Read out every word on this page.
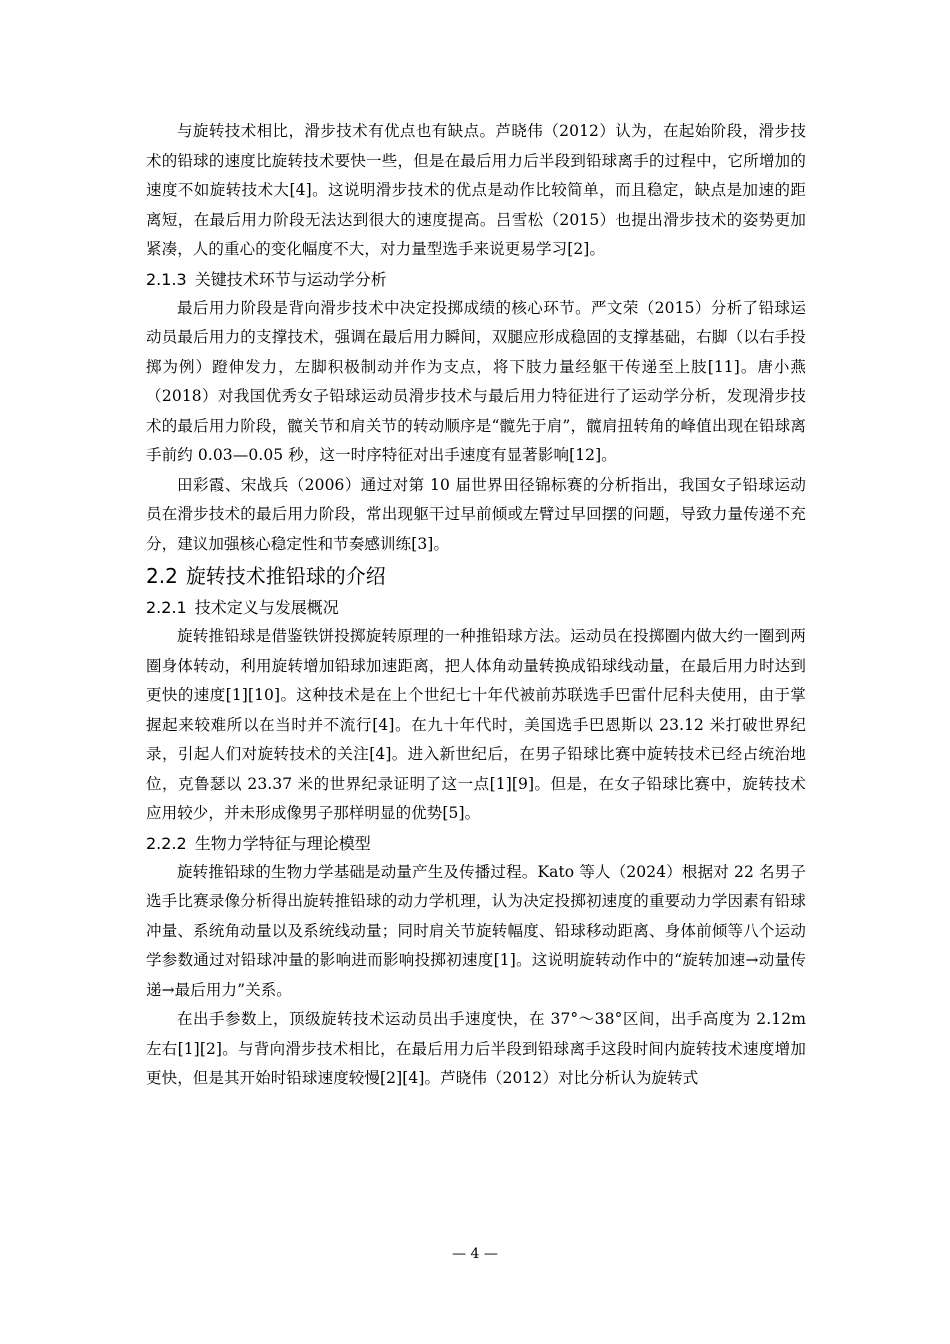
与旋转技术相比，滑步技术有优点也有缺点。芦晓伟（2012）认为，在起始阶段，滑步技术的铅球的速度比旋转技术要快一些，但是在最后用力后半段到铅球离手的过程中，它所增加的速度不如旋转技术大[4]。这说明滑步技术的优点是动作比较简单，而且稳定，缺点是加速的距离短，在最后用力阶段无法达到很大的速度提高。吕雪松（2015）也提出滑步技术的姿势更加紧凑，人的重心的变化幅度不大，对力量型选手来说更易学习[2]。

2.1.3 关键技术环节与运动学分析

最后用力阶段是背向滑步技术中决定投掷成绩的核心环节。严文荣（2015）分析了铅球运动员最后用力的支撑技术，强调在最后用力瞬间，双腿应形成稳固的支撑基础，右脚（以右手投掷为例）蹬伸发力，左脚积极制动并作为支点，将下肢力量经躯干传递至上肢[11]。唐小燕（2018）对我国优秀女子铅球运动员滑步技术与最后用力特征进行了运动学分析，发现滑步技术的最后用力阶段，髋关节和肩关节的转动顺序是“髋先于肩”，髋肩扭转角的峰值出现在铅球离手前约 0.03—0.05 秒，这一时序特征对出手速度有显著影响[12]。

田彩霞、宋战兵（2006）通过对第 10 届世界田径锦标赛的分析指出，我国女子铅球运动员在滑步技术的最后用力阶段，常出现躯干过早前倾或左臂过早回摆的问题，导致力量传递不充分，建议加强核心稳定性和节奏感训练[3]。

2.2 旋转技术推铅球的介绍
2.2.1 技术定义与发展概况

旋转推铅球是借鉴铁饼投掷旋转原理的一种推铅球方法。运动员在投掷圈内做大约一圈到两圈身体转动，利用旋转增加铅球加速距离，把人体角动量转换成铅球线动量，在最后用力时达到更快的速度[1][10]。这种技术是在上个世纪七十年代被前苏联选手巴雷什尼科夫使用，由于掌握起来较难所以在当时并不流行[4]。在九十年代时，美国选手巴恩斯以 23.12 米打破世界纪录，引起人们对旋转技术的关注[4]。进入新世纪后，在男子铅球比赛中旋转技术已经占统治地位，克鲁瑟以 23.37 米的世界纪录证明了这一点[1][9]。但是，在女子铅球比赛中，旋转技术应用较少，并未形成像男子那样明显的优势[5]。

2.2.2 生物力学特征与理论模型

旋转推铅球的生物力学基础是动量产生及传播过程。Kato 等人（2024）根据对 22 名男子选手比赛录像分析得出旋转推铅球的动力学机理，认为决定投掷初速度的重要动力学因素有铅球冲量、系统角动量以及系统线动量；同时肩关节旋转幅度、铅球移动距离、身体前倾等八个运动学参数通过对铅球冲量的影响进而影响投掷初速度[1]。这说明旋转动作中的“旋转加速→动量传递→最后用力”关系。

在出手参数上，顶级旋转技术运动员出手速度快，在 37°～38°区间，出手高度为 2.12m 左右[1][2]。与背向滑步技术相比，在最后用力后半段到铅球离手这段时间内旋转技术速度增加更快，但是其开始时铅球速度较慢[2][4]。芦晓伟（2012）对比分析认为旋转式

— 4 —
